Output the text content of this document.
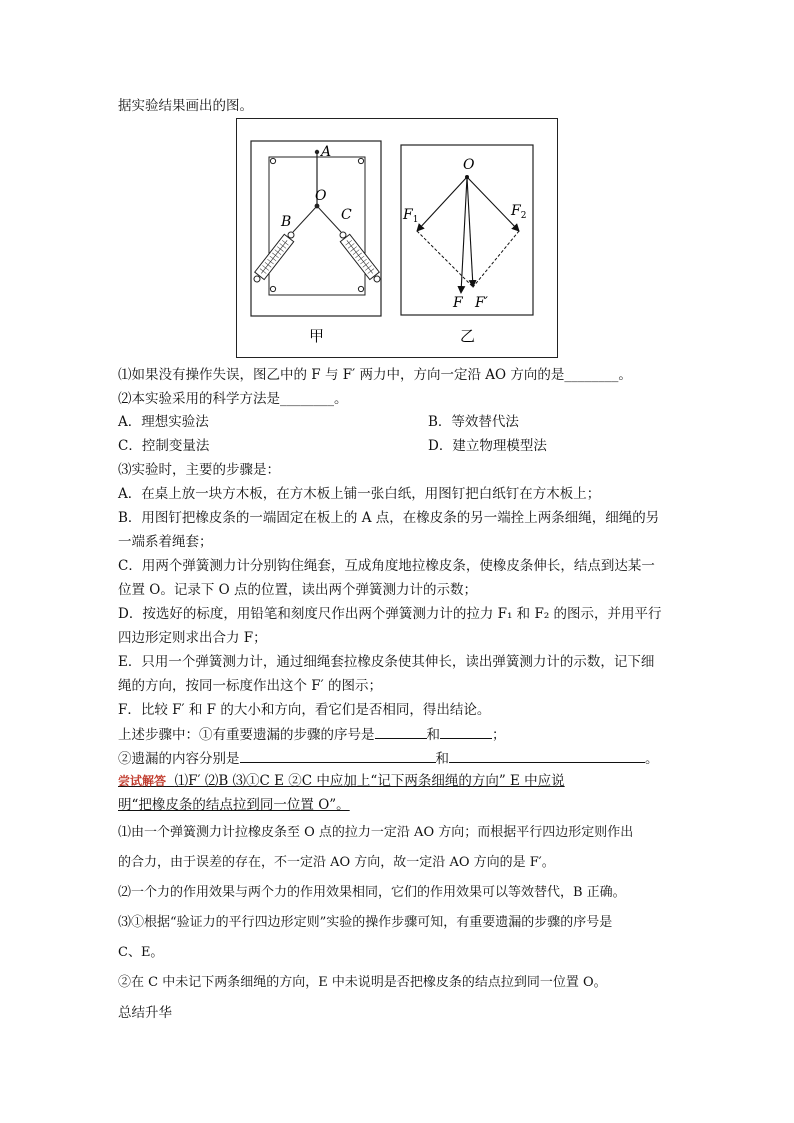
据实验结果画出的图。
A
O
B	C
甲
O
$F_1$
$F_2$
F F′
乙
⑴如果没有操作失误，图乙中的 F 与 F′ 两力中，方向一定沿 AO 方向的是________。
⑵本实验采用的科学方法是________。
A．理想实验法	B．等效替代法
C．控制变量法	D．建立物理模型法
⑶实验时，主要的步骤是：
A．在桌上放一块方木板，在方木板上铺一张白纸，用图钉把白纸钉在方木板上；
B．用图钉把橡皮条的一端固定在板上的 A 点，在橡皮条的另一端拴上两条细绳，细绳的另
一端系着绳套；
C．用两个弹簧测力计分别钩住绳套，互成角度地拉橡皮条，使橡皮条伸长，结点到达某一
位置 O。记录下 O 点的位置，读出两个弹簧测力计的示数；
D．按选好的标度，用铅笔和刻度尺作出两个弹簧测力计的拉力 F₁ 和 F₂ 的图示，并用平行
四边形定则求出合力 F；
E．只用一个弹簧测力计，通过细绳套拉橡皮条使其伸长，读出弹簧测力计的示数，记下细
绳的方向，按同一标度作出这个 F′ 的图示；
F．比较 F′ 和 F 的大小和方向，看它们是否相同，得出结论。
上述步骤中：①有重要遗漏的步骤的序号是	和	；
②遗漏的内容分别是	和	。
尝试解答 ⑴F′ ⑵B ⑶①C E ②C 中应加上“记下两条细绳的方向” E 中应说
明“把橡皮条的结点拉到同一位置 O”。
⑴由一个弹簧测力计拉橡皮条至 O 点的拉力一定沿 AO 方向；而根据平行四边形定则作出
的合力，由于误差的存在，不一定沿 AO 方向，故一定沿 AO 方向的是 F′。
⑵一个力的作用效果与两个力的作用效果相同，它们的作用效果可以等效替代，B 正确。
⑶①根据“验证力的平行四边形定则”实验的操作步骤可知，有重要遗漏的步骤的序号是
C、E。
②在 C 中未记下两条细绳的方向，E 中未说明是否把橡皮条的结点拉到同一位置 O。
总结升华
